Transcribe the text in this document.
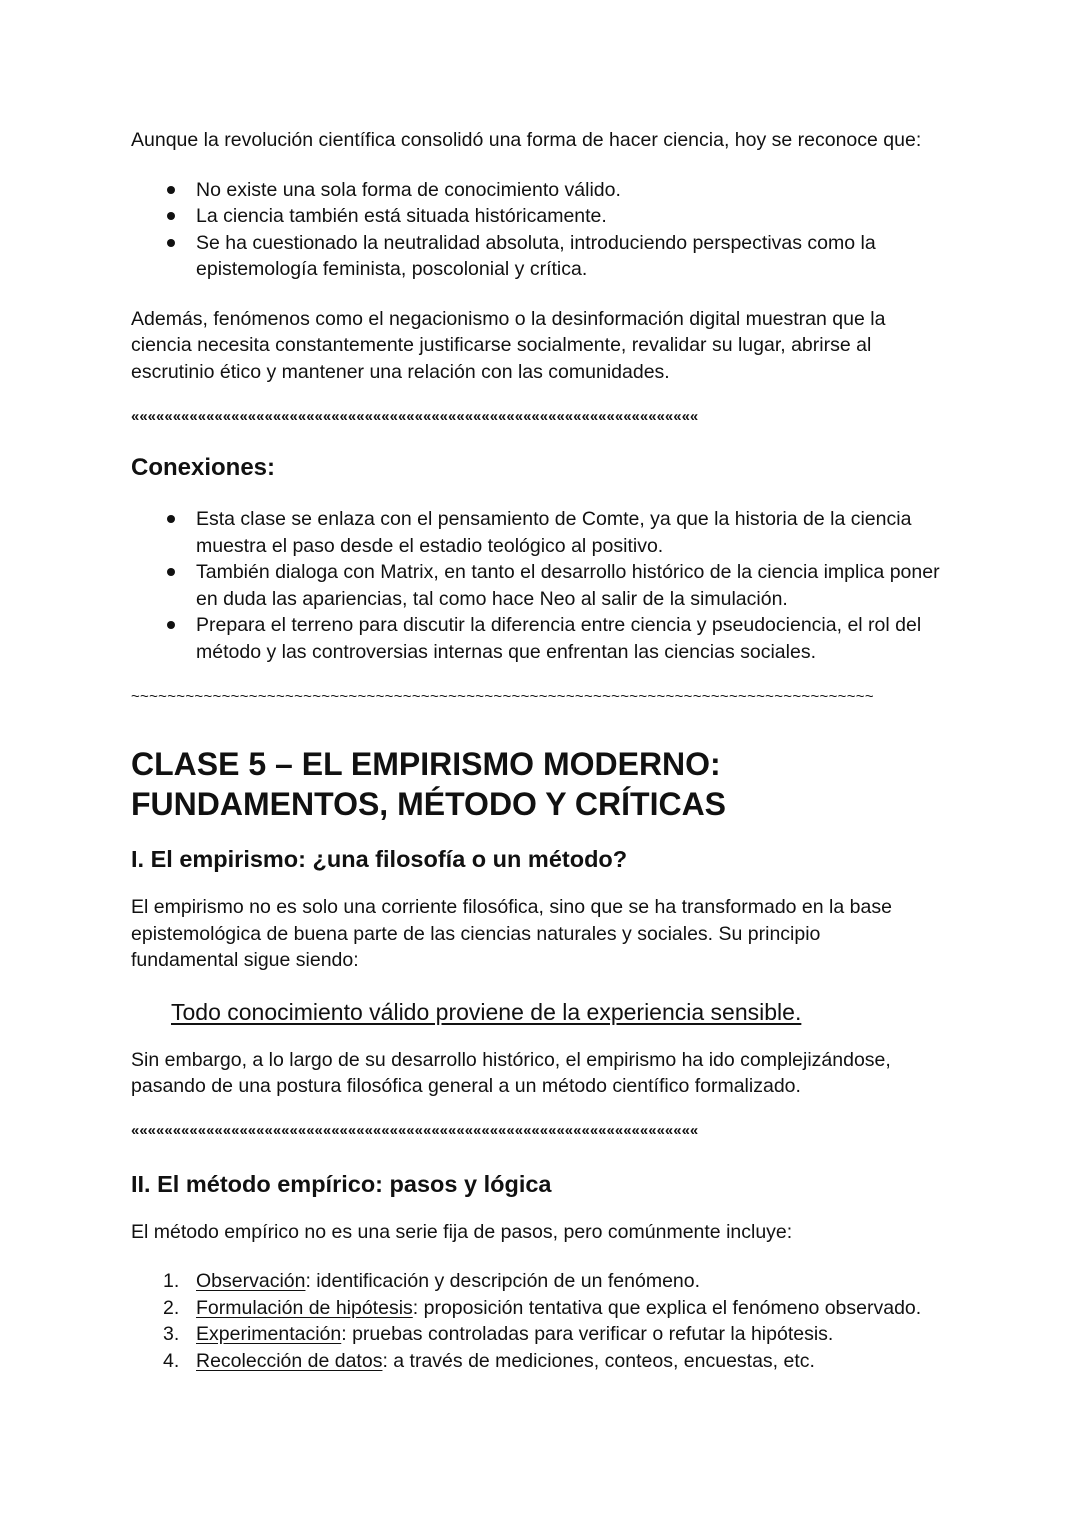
Aunque la revolución científica consolidó una forma de hacer ciencia, hoy se reconoce que:

No existe una sola forma de conocimiento válido.
La ciencia también está situada históricamente.
Se ha cuestionado la neutralidad absoluta, introduciendo perspectivas como la epistemología feminista, poscolonial y crítica.

Además, fenómenos como el negacionismo o la desinformación digital muestran que la ciencia necesita constantemente justificarse socialmente, revalidar su lugar, abrirse al escrutinio ético y mantener una relación con las comunidades.

««««««««««««««««««««««««««««««««««««««««««««««««««««««««««««««««««««
Conexiones:
Esta clase se enlaza con el pensamiento de Comte, ya que la historia de la ciencia muestra el paso desde el estadio teológico al positivo.
También dialoga con Matrix, en tanto el desarrollo histórico de la ciencia implica poner en duda las apariencias, tal como hace Neo al salir de la simulación.
Prepara el terreno para discutir la diferencia entre ciencia y pseudociencia, el rol del método y las controversias internas que enfrentan las ciencias sociales.
~~~~~~~~~~~~~~~~~~~~~~~~~~~~~~~~~~~~~~~~~~~~~~~~~~~~~~~~~~~~~~~~~~~~~~~~~~~~~~~~~~
CLASE 5 – EL EMPIRISMO MODERNO:
FUNDAMENTOS, MÉTODO Y CRÍTICAS
I. El empirismo: ¿una filosofía o un método?

El empirismo no es solo una corriente filosófica, sino que se ha transformado en la base epistemológica de buena parte de las ciencias naturales y sociales. Su principio fundamental sigue siendo:

Todo conocimiento válido proviene de la experiencia sensible.

Sin embargo, a lo largo de su desarrollo histórico, el empirismo ha ido complejizándose, pasando de una postura filosófica general a un método científico formalizado.

««««««««««««««««««««««««««««««««««««««««««««««««««««««««««««««««««««
II. El método empírico: pasos y lógica

El método empírico no es una serie fija de pasos, pero comúnmente incluye:

1. Observación: identificación y descripción de un fenómeno.
2. Formulación de hipótesis: proposición tentativa que explica el fenómeno observado.
3. Experimentación: pruebas controladas para verificar o refutar la hipótesis.
4. Recolección de datos: a través de mediciones, conteos, encuestas, etc.
